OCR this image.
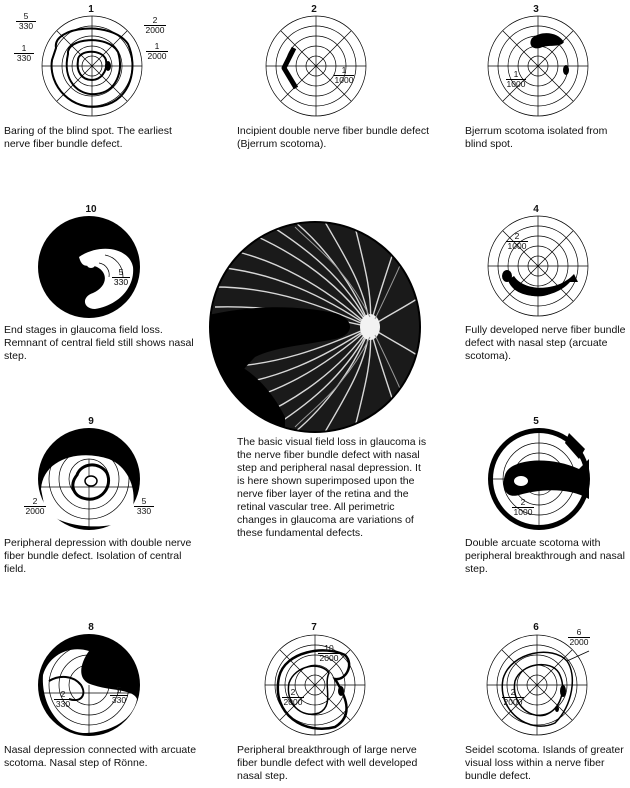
1
$\frac{5}{330}$	$\frac{2}{2000}$
$\frac{1}{330}$	$\frac{1}{2000}$
Baring of the blind spot. The earliest nerve fiber bundle defect.
2
$\frac{1}{1000}$
Incipient double nerve fiber bundle defect (Bjerrum scotoma).
3
$\frac{1}{1000}$
Bjerrum scotoma isolated from blind spot.
10
$\frac{5}{330}$
End stages in glaucoma field loss. Remnant of central field still shows nasal step.
The basic visual field loss in glaucoma is the nerve fiber bundle defect with nasal step and peripheral nasal depression. It is here shown superimposed upon the nerve fiber layer of the retina and the retinal vascular tree. All perimetric changes in glaucoma are variations of these fundamental defects.
4
$\frac{2}{1000}$
Fully developed nerve fiber bundle defect with nasal step (arcuate scotoma).
9
$\frac{2}{2000}$	$\frac{5}{330}$
Peripheral depression with double nerve fiber bundle defect. Isolation of central field.
5
$\frac{2}{1000}$
Double arcuate scotoma with peripheral breakthrough and nasal step.
8
$\frac{2}{330}$	$\frac{5}{330}$
Nasal depression connected with arcuate scotoma. Nasal step of Rönne.
7
$\frac{10}{2000}$
$\frac{2}{2000}$
Peripheral breakthrough of large nerve fiber bundle defect with well developed nasal step.
6
$\frac{6}{2000}$
$\frac{2}{2000}$
Seidel scotoma. Islands of greater visual loss within a nerve fiber bundle defect.
